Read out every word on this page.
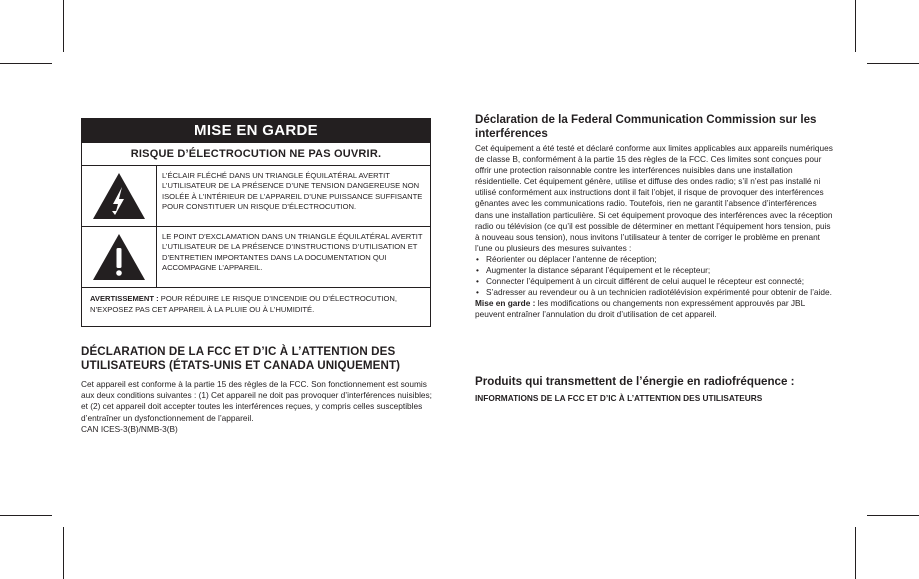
MISE EN GARDE
RISQUE D’ÉLECTROCUTION NE PAS OUVRIR.
L’ÉCLAIR FLÉCHÉ DANS UN TRIANGLE ÉQUILATÉRAL AVERTIT L’UTILISATEUR DE LA PRÉSENCE D’UNE TENSION DANGEREUSE NON ISOLÉE À L’INTÉRIEUR DE L’APPAREIL D’UNE PUISSANCE SUFFISANTE POUR CONSTITUER UN RISQUE D’ÉLECTROCUTION.
LE POINT D’EXCLAMATION DANS UN TRIANGLE ÉQUILATÉRAL AVERTIT L’UTILISATEUR DE LA PRÉSENCE D’INSTRUCTIONS D’UTILISATION ET D’ENTRETIEN IMPORTANTES DANS LA DOCUMENTATION QUI ACCOMPAGNE L’APPAREIL.
AVERTISSEMENT : POUR RÉDUIRE LE RISQUE D’INCENDIE OU D’ÉLECTROCUTION, N’EXPOSEZ PAS CET APPAREIL À LA PLUIE OU À L’HUMIDITÉ.
DÉCLARATION DE LA FCC ET D’IC À L’ATTENTION DES UTILISATEURS (ÉTATS-UNIS ET CANADA UNIQUEMENT)

Cet appareil est conforme à la partie 15 des règles de la FCC. Son fonctionnement est soumis aux deux conditions suivantes : (1) Cet appareil ne doit pas provoquer d’interférences nuisibles; et (2) cet appareil doit accepter toutes les interférences reçues, y compris celles susceptibles d’entraîner un dysfonctionnement de l’appareil.

CAN ICES-3(B)/NMB-3(B)

Déclaration de la Federal Communication Commission sur les interférences

Cet équipement a été testé et déclaré conforme aux limites applicables aux appareils numériques de classe B, conformément à la partie 15 des règles de la FCC. Ces limites sont conçues pour offrir une protection raisonnable contre les interférences nuisibles dans une installation résidentielle. Cet équipement génère, utilise et diffuse des ondes radio; s’il n’est pas installé ni utilisé conformément aux instructions dont il fait l’objet, il risque de provoquer des interférences gênantes avec les communications radio. Toutefois, rien ne garantit l’absence d’interférences dans une installation particulière. Si cet équipement provoque des interférences avec la réception radio ou télévision (ce qu’il est possible de déterminer en mettant l’équipement hors tension, puis à nouveau sous tension), nous invitons l’utilisateur à tenter de corriger le problème en prenant l’une ou plusieurs des mesures suivantes :

• Réorienter ou déplacer l’antenne de réception;
• Augmenter la distance séparant l’équipement et le récepteur;
• Connecter l’équipement à un circuit différent de celui auquel le récepteur est connecté;
• S’adresser au revendeur ou à un technicien radiotélévision expérimenté pour obtenir de l’aide.

Mise en garde : les modifications ou changements non expressément approuvés par JBL peuvent entraîner l’annulation du droit d’utilisation de cet appareil.

Produits qui transmettent de l’énergie en radiofréquence :
INFORMATIONS DE LA FCC ET D’IC À L’ATTENTION DES UTILISATEURS
